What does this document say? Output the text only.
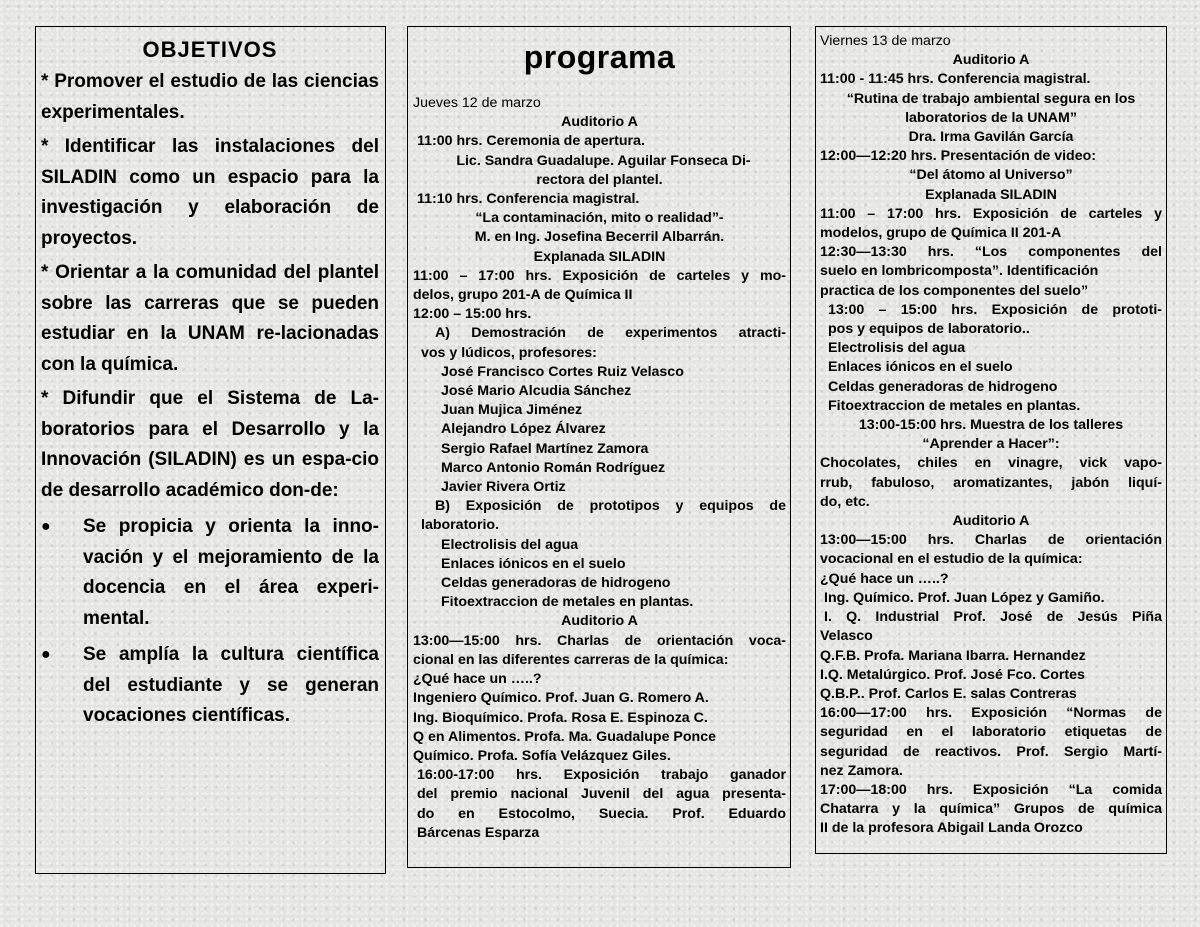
OBJETIVOS

* Promover el estudio de las ciencias experimentales.

* Identificar las instalaciones del SILADIN como un espacio para la investigación y elaboración de proyectos.

* Orientar a la comunidad del plantel sobre las carreras que se pueden estudiar en la UNAM re-lacionadas con la química.

* Difundir que el Sistema de La-boratorios para el Desarrollo y la Innovación (SILADIN) es un espa-cio de desarrollo académico don-de:

● Se propicia y orienta la inno-vación y el mejoramiento de la docencia en el área experi-mental.
● Se amplía la cultura científica del estudiante y se generan vocaciones científicas.
programa

Jueves 12 de marzo

Auditorio A

11:00 hrs. Ceremonia de apertura.

Lic. Sandra Guadalupe. Aguilar Fonseca Di-

rectora del plantel.

11:10 hrs. Conferencia magistral.

“La contaminación, mito o realidad”-

M. en Ing. Josefina Becerril Albarrán.

Explanada SILADIN

11:00 – 17:00 hrs. Exposición de carteles y mo-

delos, grupo 201-A de Química II

12:00 – 15:00 hrs.

A) Demostración de experimentos atracti-

vos y lúdicos, profesores:

José Francisco Cortes Ruiz Velasco

José Mario Alcudia Sánchez

Juan Mujica Jiménez

Alejandro López Álvarez

Sergio Rafael Martínez Zamora

Marco Antonio Román Rodríguez

Javier Rivera Ortiz

B) Exposición de prototipos y equipos de

laboratorio.

Electrolisis del agua

Enlaces iónicos en el suelo

Celdas generadoras de hidrogeno

Fitoextraccion de metales en plantas.

Auditorio A

13:00—15:00 hrs. Charlas de orientación voca-

cional en las diferentes carreras de la química:

¿Qué hace un …..?

Ingeniero Químico. Prof. Juan G. Romero A.

Ing. Bioquímico. Profa. Rosa E. Espinoza C.

Q en Alimentos. Profa. Ma. Guadalupe Ponce

Químico. Profa. Sofía Velázquez Giles.

16:00-17:00 hrs. Exposición trabajo ganador

del premio nacional Juvenil del agua presenta-

do en Estocolmo, Suecia. Prof. Eduardo

Bárcenas Esparza

Viernes 13 de marzo

Auditorio A

11:00 - 11:45 hrs. Conferencia magistral.

“Rutina de trabajo ambiental segura en los

laboratorios de la UNAM”

Dra. Irma Gavilán García

12:00—12:20 hrs. Presentación de video:

“Del átomo al Universo”

Explanada SILADIN

11:00 – 17:00 hrs. Exposición de carteles y

modelos, grupo de Química II 201-A

12:30—13:30 hrs. “Los componentes del

suelo en lombricomposta”. Identificación

practica de los componentes del suelo”

13:00 – 15:00 hrs. Exposición de prototi-

pos y equipos de laboratorio..

Electrolisis del agua

Enlaces iónicos en el suelo

Celdas generadoras de hidrogeno

Fitoextraccion de metales en plantas.

13:00-15:00 hrs. Muestra de los talleres

“Aprender a Hacer”:

Chocolates, chiles en vinagre, vick vapo-

rrub, fabuloso, aromatizantes, jabón liquí-

do, etc.

Auditorio A

13:00—15:00 hrs. Charlas de orientación

vocacional en el estudio de la química:

¿Qué hace un …..?

Ing. Químico. Prof. Juan López y Gamiño.

I. Q. Industrial Prof. José de Jesús Piña

Velasco

Q.F.B. Profa. Mariana Ibarra. Hernandez

I.Q. Metalúrgico. Prof. José Fco. Cortes

Q.B.P.. Prof. Carlos E. salas Contreras

16:00—17:00 hrs. Exposición “Normas de

seguridad en el laboratorio etiquetas de

seguridad de reactivos. Prof. Sergio Martí-

nez Zamora.

17:00—18:00 hrs. Exposición “La comida

Chatarra y la química” Grupos de química

II de la profesora Abigail Landa Orozco
